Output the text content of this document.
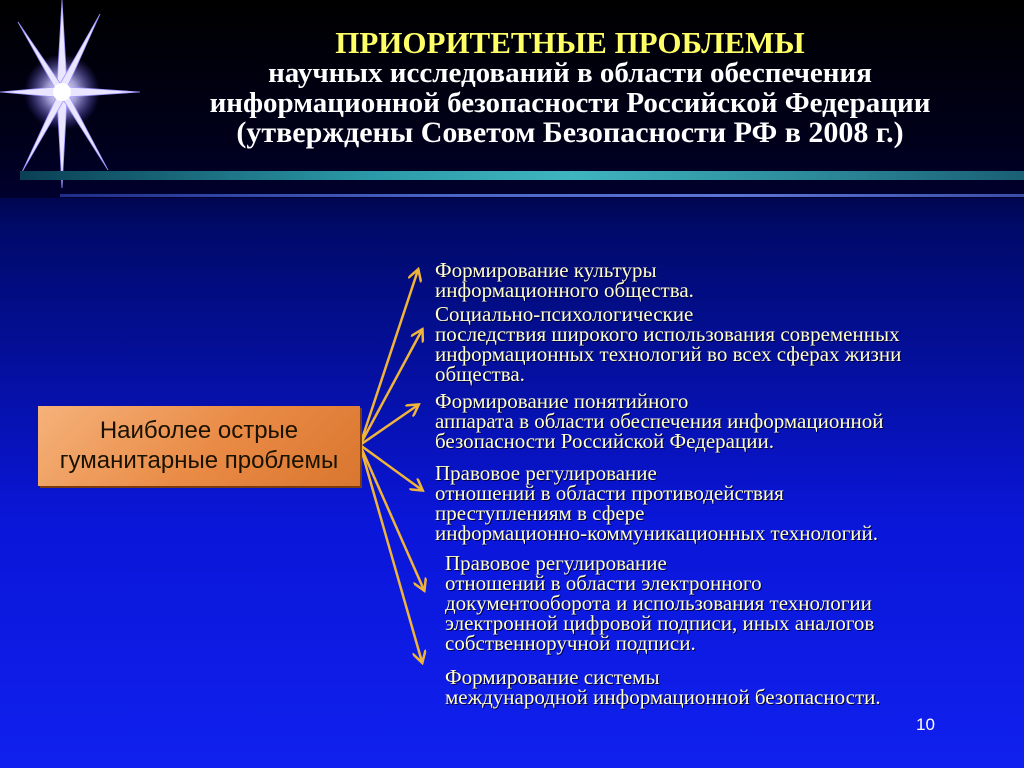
ПРИОРИТЕТНЫЕ ПРОБЛЕМЫ
научных исследований в области обеспечения
информационной безопасности Российской Федерации
(утверждены Советом Безопасности РФ в 2008 г.)
Наиболее острые
гуманитарные проблемы
Формирование культуры
информационного общества.
Социально-психологические
последствия широкого использования современных
информационных технологий во всех сферах жизни
общества.
Формирование понятийного
аппарата в области обеспечения информационной
безопасности Российской Федерации.
Правовое регулирование
отношений в области противодействия
преступлениям в сфере
информационно-коммуникационных технологий.
Правовое регулирование
отношений в области электронного
документооборота и использования технологии
электронной цифровой подписи, иных аналогов
собственноручной подписи.
Формирование системы
международной информационной безопасности.
10
